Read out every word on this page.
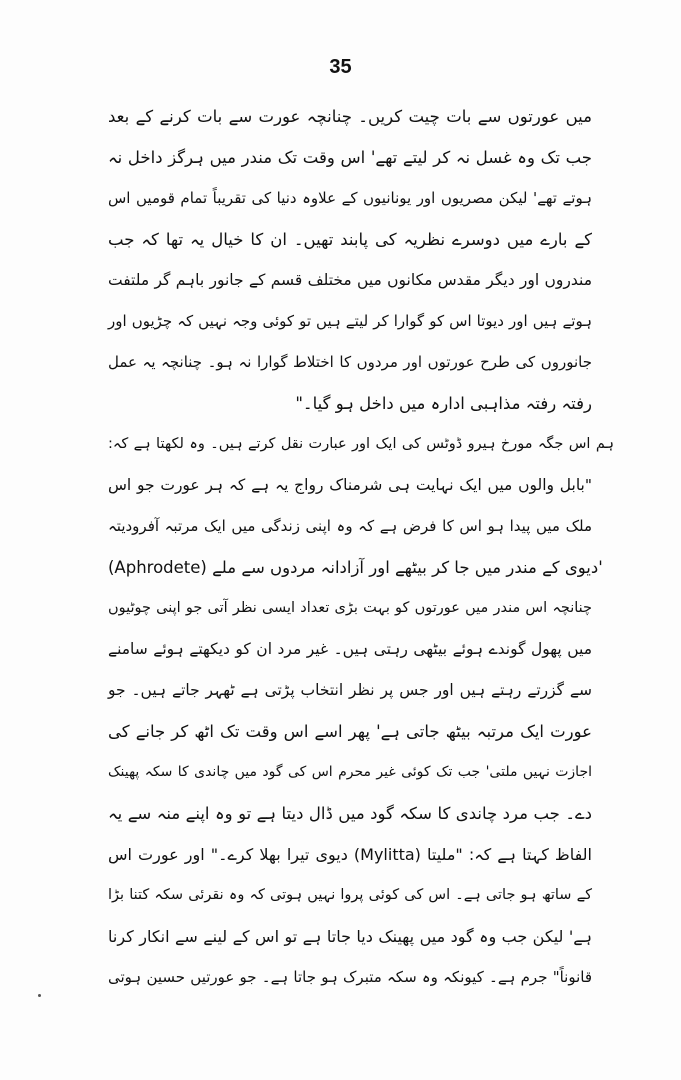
35
میں عورتوں سے بات چیت کریں۔ چنانچہ عورت سے بات کرنے کے بعد
جب تک وہ غسل نہ کر لیتے تھے' اس وقت تک مندر میں ہرگز داخل نہ
ہوتے تھے' لیکن مصریوں اور یونانیوں کے علاوہ دنیا کی تقریباً تمام قومیں اس
کے بارے میں دوسرے نظریہ کی پابند تھیں۔ ان کا خیال یہ تھا کہ جب
مندروں اور دیگر مقدس مکانوں میں مختلف قسم کے جانور باہم گر ملتفت
ہوتے ہیں اور دیوتا اس کو گوارا کر لیتے ہیں تو کوئی وجہ نہیں کہ چڑیوں اور
جانوروں کی طرح عورتوں اور مردوں کا اختلاط گوارا نہ ہو۔ چنانچہ یہ عمل
رفتہ رفتہ مذاہبی ادارہ میں داخل ہو گیا۔"
ہم اس جگہ مورخ ہیرو ڈوٹس کی ایک اور عبارت نقل کرتے ہیں۔ وہ لکھتا ہے کہ:
"بابل والوں میں ایک نہایت ہی شرمناک رواج یہ ہے کہ ہر عورت جو اس
ملک میں پیدا ہو اس کا فرض ہے کہ وہ اپنی زندگی میں ایک مرتبہ آفرودیتہ
(Aphrodete) دیوی کے مندر میں جا کر بیٹھے اور آزادانہ مردوں سے ملے'
چنانچہ اس مندر میں عورتوں کو بہت بڑی تعداد ایسی نظر آتی جو اپنی چوٹیوں
میں پھول گوندے ہوئے بیٹھی رہتی ہیں۔ غیر مرد ان کو دیکھتے ہوئے سامنے
سے گزرتے رہتے ہیں اور جس پر نظر انتخاب پڑتی ہے ٹھہر جاتے ہیں۔ جو
عورت ایک مرتبہ بیٹھ جاتی ہے' پھر اسے اس وقت تک اٹھ کر جانے کی
اجازت نہیں ملتی' جب تک کوئی غیر محرم اس کی گود میں چاندی کا سکہ پھینک
دے۔ جب مرد چاندی کا سکہ گود میں ڈال دیتا ہے تو وہ اپنے منہ سے یہ
الفاظ کہتا ہے کہ: "ملیتا (Mylitta) دیوی تیرا بھلا کرے۔" اور عورت اس
کے ساتھ ہو جاتی ہے۔ اس کی کوئی پروا نہیں ہوتی کہ وہ نقرئی سکہ کتنا بڑا
ہے' لیکن جب وہ گود میں پھینک دیا جاتا ہے تو اس کے لینے سے انکار کرنا
قانوناً" جرم ہے۔ کیونکہ وہ سکہ متبرک ہو جاتا ہے۔ جو عورتیں حسین ہوتی
